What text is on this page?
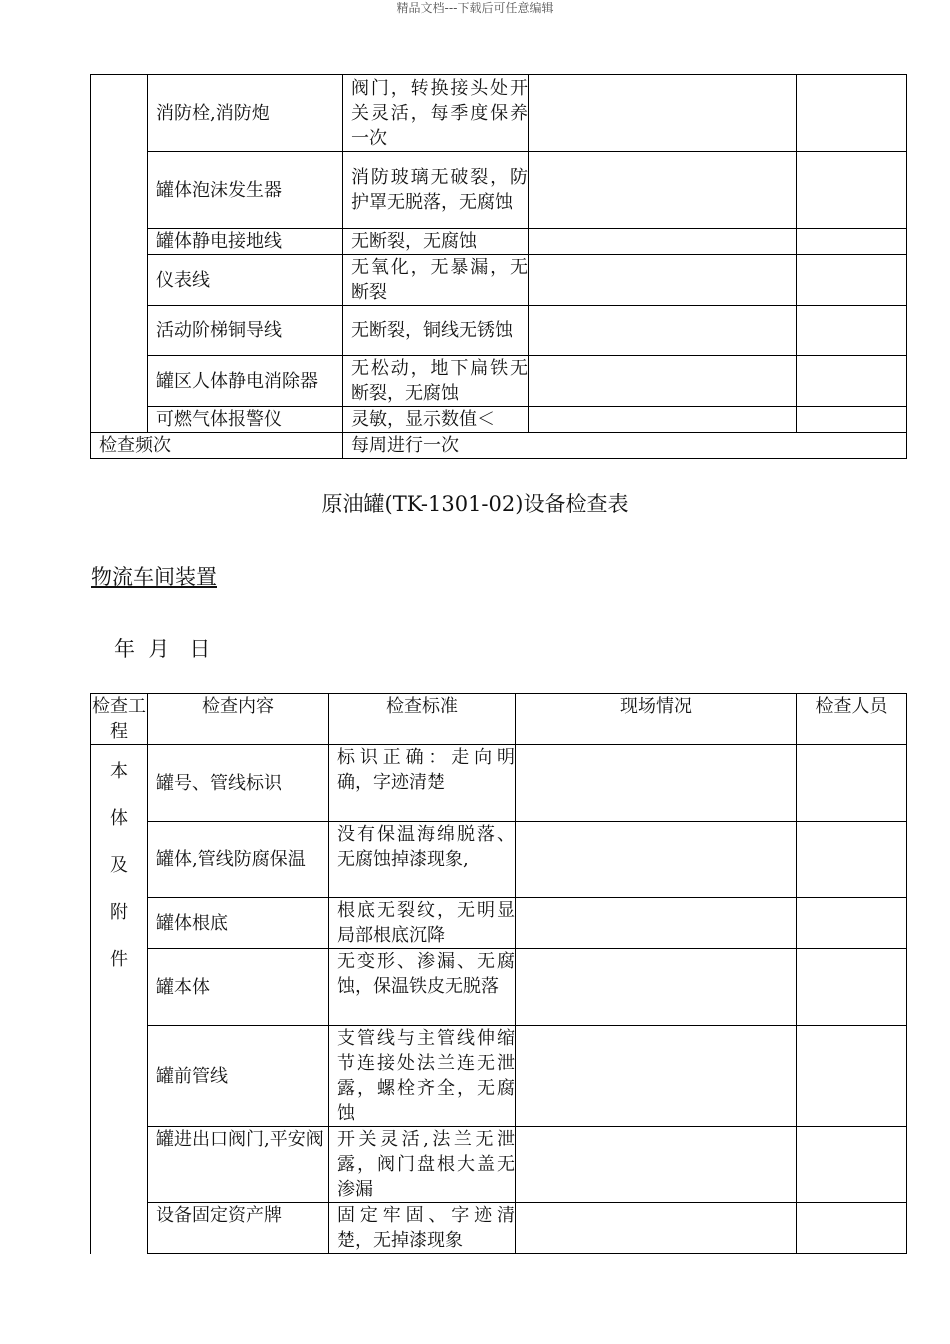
精品文档---下载后可任意编辑
	消防栓,消防炮	阀门，转换接头处开关灵活，每季度保养一次		
	罐体泡沫发生器	消防玻璃无破裂，防护罩无脱落，无腐蚀		
	罐体静电接地线	无断裂，无腐蚀		
	仪表线	无氧化，无暴漏，无断裂		
	活动阶梯铜导线	无断裂，铜线无锈蚀		
	罐区人体静电消除器	无松动，地下扁铁无断裂，无腐蚀		
	可燃气体报警仪	灵敏，显示数值＜		
检查频次		每周进行一次		
原油罐(TK-1301-02)设备检查表
物流车间装置
年  月   日
检查工程	检查内容	检查标准	现场情况	检查人员

本
体
及
附
件	罐号、管线标识	标识正确：走向明确，字迹清楚		
	罐体,管线防腐保温	没有保温海绵脱落、无腐蚀掉漆现象,		
	罐体根底	根底无裂纹，无明显局部根底沉降		
	罐本体	无变形、渗漏、无腐蚀，保温铁皮无脱落		
	罐前管线	支管线与主管线伸缩节连接处法兰连无泄露，螺栓齐全，无腐蚀		
	罐进出口阀门,平安阀	开关灵活,法兰无泄露，阀门盘根大盖无渗漏		
	设备固定资产牌	固定牢固、字迹清楚，无掉漆现象		
